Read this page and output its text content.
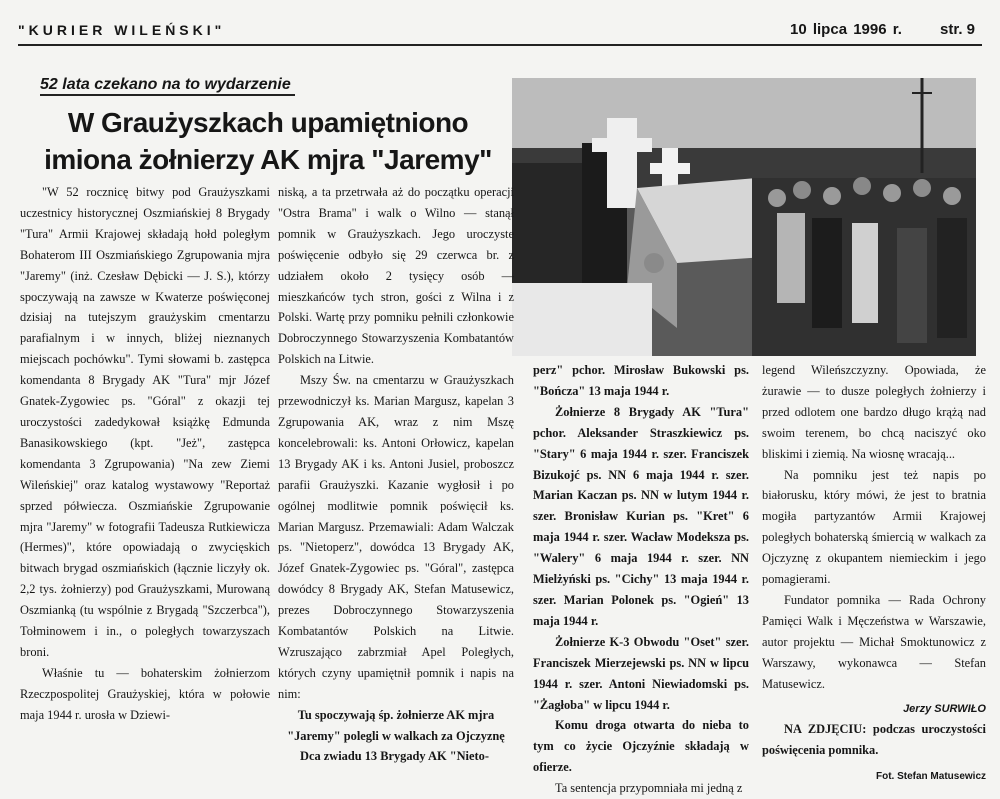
"KURIER WILEŃSKI"	10 lipca 1996 r.	str. 9
52 lata czekano na to wydarzenie
W Graużyszkach upamiętniono
imiona żołnierzy AK mjra "Jaremy"

"W 52 rocznicę bitwy pod Graużyszkami uczestnicy historycznej Oszmiańskiej 8 Brygady "Tura" Armii Krajowej składają hołd poległym Bohaterom III Oszmiańskiego Zgrupowania mjra "Jaremy" (inż. Czesław Dębicki — J. S.), którzy spoczywają na zawsze w Kwaterze poświęconej dzisiaj na tutejszym graużyskim cmentarzu parafialnym i w innych, bliżej nieznanych miejscach pochówku". Tymi słowami b. zastępca komendanta 8 Brygady AK "Tura" mjr Józef Gnatek-Zygowiec ps. "Góral" z okazji tej uroczystości zadedykował książkę Edmunda Banasikowskiego (kpt. "Jeż", zastępca komendanta 3 Zgrupowania) "Na zew Ziemi Wileńskiej" oraz katalog wystawowy "Reportaż sprzed półwiecza. Oszmiańskie Zgrupowanie mjra "Jaremy" w fotografii Tadeusza Rutkiewicza (Hermes)", które opowiadają o zwycięskich bitwach brygad oszmiańskich (łącznie liczyły ok. 2,2 tys. żołnierzy) pod Graużyszkami, Murowaną Oszmianką (tu wspólnie z Brygadą "Szczerbca"), Tołminowem i in., o poległych towarzyszach broni.

Właśnie tu — bohaterskim żołnierzom Rzeczpospolitej Graużyskiej, która w połowie maja 1944 r. urosła w Dziewi-

niską, a ta przetrwała aż do początku operacji "Ostra Brama" i walk o Wilno — stanął pomnik w Graużyszkach. Jego uroczyste poświęcenie odbyło się 29 czerwca br. z udziałem około 2 tysięcy osób — mieszkańców tych stron, gości z Wilna i z Polski. Wartę przy pomniku pełnili członkowie Dobroczynnego Stowarzyszenia Kombatantów Polskich na Litwie.

Mszy Św. na cmentarzu w Graużyszkach przewodniczył ks. Marian Margusz, kapelan 3 Zgrupowania AK, wraz z nim Mszę koncelebrowali: ks. Antoni Orłowicz, kapelan 13 Brygady AK i ks. Antoni Jusiel, proboszcz parafii Graużyszki. Kazanie wygłosił i po ogólnej modlitwie pomnik poświęcił ks. Marian Margusz. Przemawiali: Adam Walczak ps. "Nietoperz", dowódca 13 Brygady AK, Józef Gnatek-Zygowiec ps. "Góral", zastępca dowódcy 8 Brygady AK, Stefan Matusewicz, prezes Dobroczynnego Stowarzyszenia Kombatantów Polskich na Litwie. Wzruszająco zabrzmiał Apel Poległych, których czyny upamiętnił pomnik i napis na nim:

Tu spoczywają śp. żołnierze AK mjra "Jaremy" polegli w walkach za Ojczyznę

Dca zwiadu 13 Brygady AK "Nieto-

perz" pchor. Mirosław Bukowski ps. "Bończa" 13 maja 1944 r.

Żołnierze 8 Brygady AK "Tura" pchor. Aleksander Straszkiewicz ps. "Stary" 6 maja 1944 r. szer. Franciszek Bizukojć ps. NN 6 maja 1944 r. szer. Marian Kaczan ps. NN w lutym 1944 r. szer. Bronisław Kurian ps. "Kret" 6 maja 1944 r. szer. Wacław Modeksza ps. "Walery" 6 maja 1944 r. szer. NN Mielżyński ps. "Cichy" 13 maja 1944 r. szer. Marian Polonek ps. "Ogień" 13 maja 1944 r.

Żołnierze K-3 Obwodu "Oset" szer. Franciszek Mierzejewski ps. NN w lipcu 1944 r. szer. Antoni Niewiadomski ps. "Żagłoba" w lipcu 1944 r.

Komu droga otwarta do nieba to tym co życie Ojczyźnie składają w ofierze.

Ta sentencja przypomniała mi jedną z

legend Wileńszczyzny. Opowiada, że żurawie — to dusze poległych żołnierzy i przed odlotem one bardzo długo krążą nad swoim terenem, bo chcą naciszyć oko bliskimi i ziemią. Na wiosnę wracają...

Na pomniku jest też napis po białorusku, który mówi, że jest to bratnia mogiła partyzantów Armii Krajowej poległych bohaterską śmiercią w walkach za Ojczyznę z okupantem niemieckim i jego pomagierami.

Fundator pomnika — Rada Ochrony Pamięci Walk i Męczeństwa w Warszawie, autor projektu — Michał Smoktunowicz z Warszawy, wykonawca — Stefan Matusewicz.

Jerzy SURWIŁO

NA ZDJĘCIU: podczas uroczystości poświęcenia pomnika.

Fot. Stefan Matusewicz
